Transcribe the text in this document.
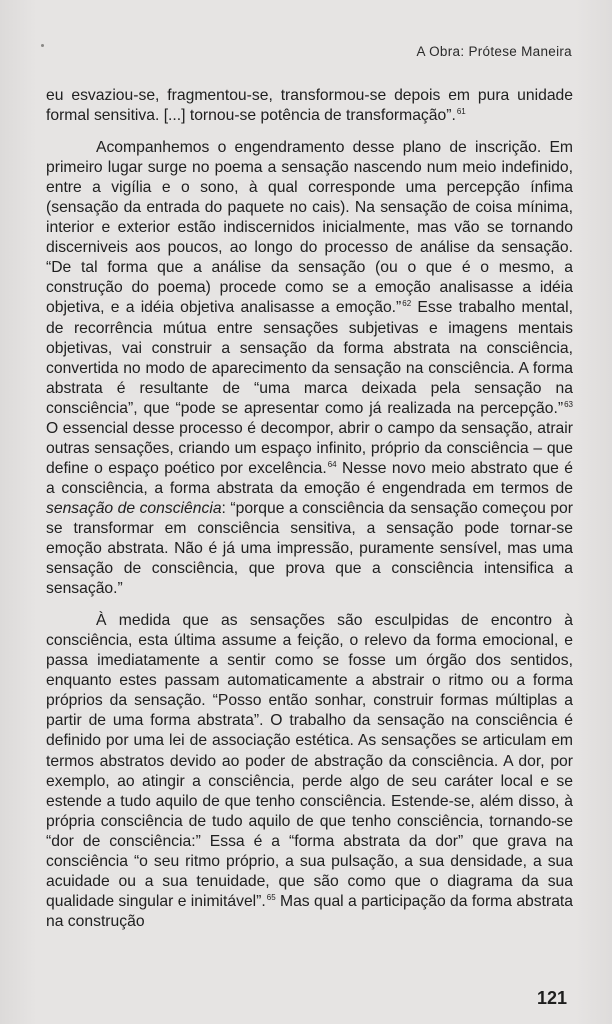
A Obra: Prótese Maneira

eu esvaziou-se, fragmentou-se, transformou-se depois em pura unidade formal sensitiva. [...] tornou-se potência de transformação”.$^{61}$

Acompanhemos o engendramento desse plano de inscrição. Em primeiro lugar surge no poema a sensação nascendo num meio indefinido, entre a vigília e o sono, à qual corresponde uma percepção ínfima (sensação da entrada do paquete no cais). Na sensação de coisa mínima, interior e exterior estão indiscernidos inicialmente, mas vão se tornando discerniveis aos poucos, ao longo do processo de análise da sensação. “De tal forma que a análise da sensação (ou o que é o mesmo, a construção do poema) procede como se a emoção analisasse a idéia objetiva, e a idéia objetiva analisasse a emoção.”$^{62}$ Esse trabalho mental, de recorrência mútua entre sensações subjetivas e imagens mentais objetivas, vai construir a sensação da forma abstrata na consciência, convertida no modo de aparecimento da sensação na consciência. A forma abstrata é resultante de “uma marca deixada pela sensação na consciência”, que “pode se apresentar como já realizada na percepção.”$^{63}$ O essencial desse processo é decompor, abrir o campo da sensação, atrair outras sensações, criando um espaço infinito, próprio da consciência – que define o espaço poético por excelência.$^{64}$ Nesse novo meio abstrato que é a consciência, a forma abstrata da emoção é engendrada em termos de sensação de consciência: “porque a consciência da sensação começou por se transformar em consciência sensitiva, a sensação pode tornar-se emoção abstrata. Não é já uma impressão, puramente sensível, mas uma sensação de consciência, que prova que a consciência intensifica a sensação.”

À medida que as sensações são esculpidas de encontro à consciência, esta última assume a feição, o relevo da forma emocional, e passa imediatamente a sentir como se fosse um órgão dos sentidos, enquanto estes passam automaticamente a abstrair o ritmo ou a forma próprios da sensação. “Posso então sonhar, construir formas múltiplas a partir de uma forma abstrata”. O trabalho da sensação na consciência é definido por uma lei de associação estética. As sensações se articulam em termos abstratos devido ao poder de abstração da consciência. A dor, por exemplo, ao atingir a consciência, perde algo de seu caráter local e se estende a tudo aquilo de que tenho consciência. Estende-se, além disso, à própria consciência de tudo aquilo de que tenho consciência, tornando-se “dor de consciência:” Essa é a “forma abstrata da dor” que grava na consciência “o seu ritmo próprio, a sua pulsação, a sua densidade, a sua acuidade ou a sua tenuidade, que são como que o diagrama da sua qualidade singular e inimitável”.$^{65}$ Mas qual a participação da forma abstrata na construção

121
